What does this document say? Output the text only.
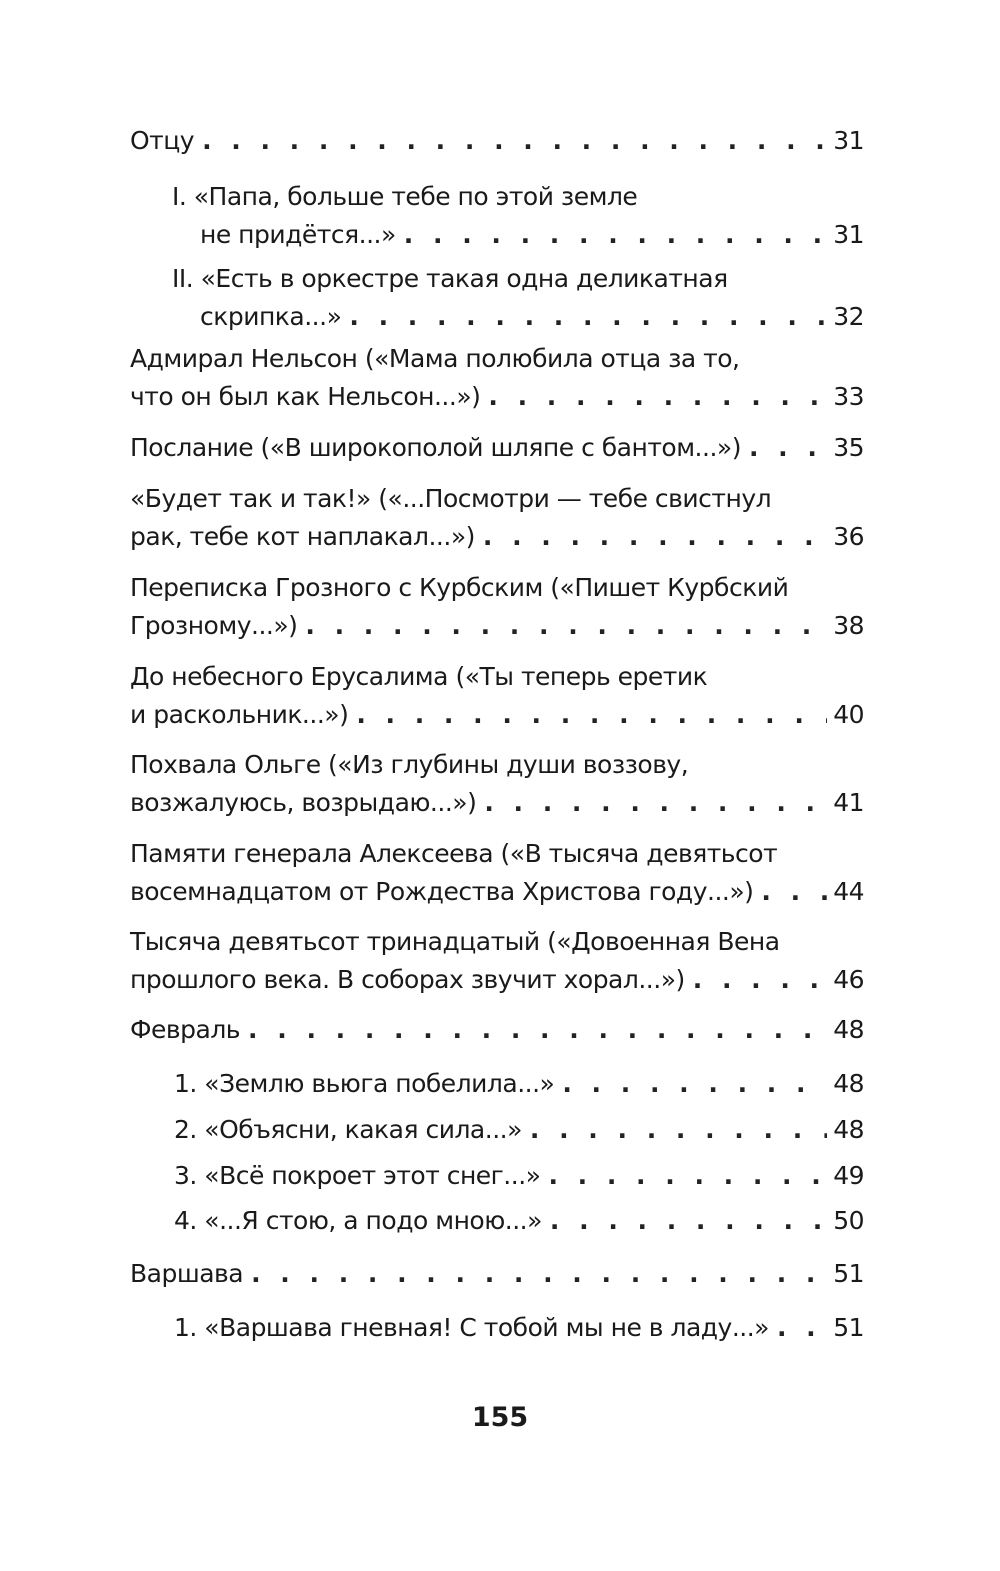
Отцу . . .	31
I. «Папа, больше тебе по этой земле
не придётся...» . . .	31
II. «Есть в оркестре такая одна деликатная
скрипка...» . . .	32
Адмирал Нельсон («Мама полюбила отца за то,
что он был как Нельсон...») . . .	33
Послание («В широкополой шляпе с бантом...») . . .	35
«Будет так и так!» («...Посмотри — тебе свистнул
рак, тебе кот наплакал...») . . .	36
Переписка Грозного с Курбским («Пишет Курбский
Грозному...») . . .	38
До небесного Ерусалима («Ты теперь еретик
и раскольник...») . . .	40
Похвала Ольге («Из глубины души воззову,
возжалуюсь, возрыдаю...») . . .	41
Памяти генерала Алексеева («В тысяча девятьсот
восемнадцатом от Рождества Христова году...») . . .	44
Тысяча девятьсот тринадцатый («Довоенная Вена
прошлого века. В соборах звучит хорал...») . . .	46
Февраль . . .	48
1. «Землю вьюга побелила...» . . .	48
2. «Объясни, какая сила...» . . .	48
3. «Всё покроет этот снег...» . . .	49
4. «...Я стою, а подо мною...» . . .	50
Варшава . . .	51
1. «Варшава гневная! С тобой мы не в ладу...» . . .	51
155
